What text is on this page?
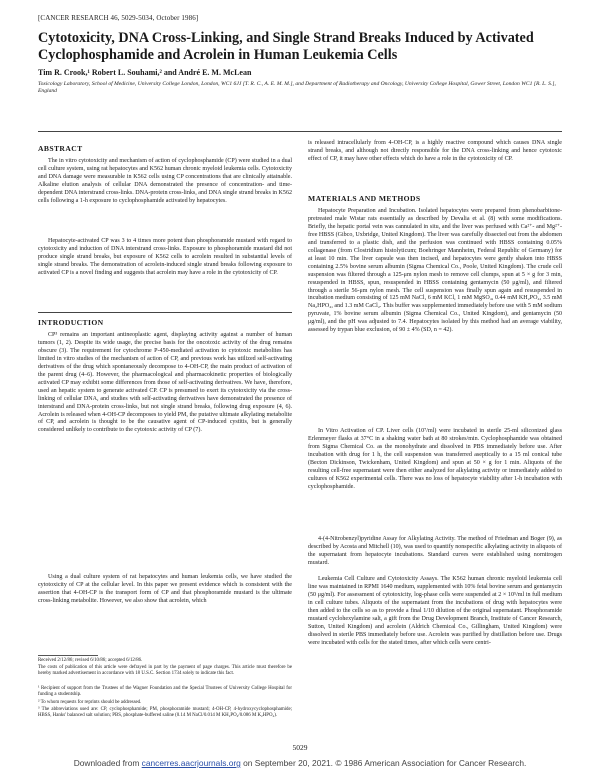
[CANCER RESEARCH 46, 5029-5034, October 1986]
Cytotoxicity, DNA Cross-Linking, and Single Strand Breaks Induced by Activated Cyclophosphamide and Acrolein in Human Leukemia Cells
Tim R. Crook,¹ Robert L. Souhami,² and André E. M. McLean
Toxicology Laboratory, School of Medicine, University College London, London, WC1 6JJ [T. R. C., A. E. M. M.], and Department of Radiotherapy and Oncology, University College Hospital, Gower Street, London WC1 [R. L. S.], England
ABSTRACT

The in vitro cytotoxicity and mechanism of action of cyclophosphamide (CP) were studied in a dual cell culture system, using rat hepatocytes and K562 human chronic myeloid leukemia cells. Cytotoxicity and DNA damage were measurable in K562 cells using CP concentrations that are clinically attainable. Alkaline elution analysis of cellular DNA demonstrated the presence of concentration- and time-dependent DNA interstrand cross-links. DNA-protein cross-links, and DNA single strand breaks in K562 cells following a 1-h exposure to cyclophosphamide activated by hepatocytes.

Hepatocyte-activated CP was 3 to 4 times more potent than phosphoramide mustard with regard to cytotoxicity and induction of DNA interstrand cross-links. Exposure to phosphoramide mustard did not produce single strand breaks, but exposure of K562 cells to acrolein resulted in substantial levels of single strand breaks. The demonstration of acrolein-induced single strand breaks following exposure to activated CP is a novel finding and suggests that acrolein may have a role in the cytotoxicity of CP.

INTRODUCTION

CP³ remains an important antineoplastic agent, displaying activity against a number of human tumors (1, 2). Despite its wide usage, the precise basis for the oncotoxic activity of the drug remains obscure (3). The requirement for cytochrome P-450-mediated activation to cytotoxic metabolites has limited in vitro studies of the mechanism of action of CP, and previous work has utilized self-activating derivatives of the drug which spontaneously decompose to 4-OH-CP, the main product of activation of the parent drug (4–6). However, the pharmacological and pharmacokinetic properties of biologically activated CP may exhibit some differences from those of self-activating derivatives. We have, therefore, used an hepatic system to generate activated CP. CP is presumed to exert its cytotoxicity via the cross-linking of cellular DNA, and studies with self-activating derivatives have demonstrated the presence of interstrand and DNA-protein cross-links, but not single strand breaks, following drug exposure (4, 6). Acrolein is released when 4-OH-CP decomposes to yield PM, the putative ultimate alkylating metabolite of CP, and acrolein is thought to be the causative agent of CP-induced cystitis, but is generally considered unlikely to contribute to the cytotoxic activity of CP (7).

Using a dual culture system of rat hepatocytes and human leukemia cells, we have studied the cytotoxicity of CP at the cellular level. In this paper we present evidence which is consistent with the assertion that 4-OH-CP is the transport form of CP and that phosphoramide mustard is the ultimate cross-linking metabolite. However, we also show that acrolein, which

Received 2/12/86; revised 6/10/86; accepted 6/12/86.

The costs of publication of this article were defrayed in part by the payment of page charges. This article must therefore be hereby marked advertisement in accordance with 18 U.S.C. Section 1734 solely to indicate this fact.

¹ Recipient of support from the Trustees of the Wagner Foundation and the Special Trustees of University College Hospital for funding a studentship.

² To whom requests for reprints should be addressed.

³ The abbreviations used are: CP, cyclophosphamide; PM, phosphoramide mustard; 4-OH-CP, 4-hydroxycyclophosphamide; HBSS, Hanks' balanced salt solution; PBS, phosphate-buffered saline (0.14 M NaCl/0.014 M KH₂PO₄/0.086 M K₂HPO₄).

is released intracellularly from 4-OH-CP, is a highly reactive compound which causes DNA single strand breaks, and although not directly responsible for the DNA cross-linking and hence cytotoxic effect of CP, it may have other effects which do have a role in the cytotoxicity of CP.

MATERIALS AND METHODS

Hepatocyte Preparation and Incubation. Isolated hepatocytes were prepared from phenobarbitone-pretreated male Wistar rats essentially as described by Devalia et al. (8) with some modifications. Briefly, the hepatic portal vein was cannulated in situ, and the liver was perfused with Ca²⁺- and Mg²⁺-free HBSS (Gibco, Uxbridge, United Kingdom). The liver was carefully dissected out from the abdomen and transferred to a plastic dish, and the perfusion was continued with HBSS containing 0.05% collagenase (from Clostridium histolyticum; Boehringer Mannheim, Federal Republic of Germany) for at least 10 min. The liver capsule was then incised, and hepatocytes were gently shaken into HBSS containing 2.5% bovine serum albumin (Sigma Chemical Co., Poole, United Kingdom). The crude cell suspension was filtered through a 125-μm nylon mesh to remove cell clumps, spun at 5 × g for 3 min, resuspended in HBSS, spun, resuspended in HBSS containing gentamycin (50 μg/ml), and filtered through a sterile 56-μm nylon mesh. The cell suspension was finally spun again and resuspended in incubation medium consisting of 125 mM NaCl, 6 mM KCl, 1 mM MgSO₄, 0.44 mM KH₂PO₄, 3.5 mM Na₂HPO₄, and 1.3 mM CaCl₂. This buffer was supplemented immediately before use with 5 mM sodium pyruvate, 1% bovine serum albumin (Sigma Chemical Co., United Kingdom), and gentamycin (50 μg/ml), and the pH was adjusted to 7.4. Hepatocytes isolated by this method had an average viability, assessed by trypan blue exclusion, of 90 ± 4% (SD, n = 42).

In Vitro Activation of CP. Liver cells (10⁷/ml) were incubated in sterile 25-ml siliconized glass Erlenmeyer flasks at 37°C in a shaking water bath at 80 strokes/min. Cyclophosphamide was obtained from Sigma Chemical Co. as the monohydrate and dissolved in PBS immediately before use. After incubation with drug for 1 h, the cell suspension was transferred aseptically to a 15 ml conical tube (Becton Dickinson, Twickenham, United Kingdom) and spun at 50 × g for 1 min. Aliquots of the resulting cell-free supernatant were then either analyzed for alkylating activity or immediately added to cultures of K562 experimental cells. There was no loss of hepatocyte viability after 1-h incubation with cyclophosphamide.

4-(4-Nitrobenzyl)pyridine Assay for Alkylating Activity. The method of Friedman and Boger (9), as described by Acosta and Mitchell (10), was used to quantify nonspecific alkylating activity in aliquots of the supernatant from hepatocyte incubations. Standard curves were established using nornitrogen mustard.

Leukemia Cell Culture and Cytotoxicity Assays. The K562 human chronic myeloid leukemia cell line was maintained in RPMI 1640 medium, supplemented with 10% fetal bovine serum and gentamycin (50 μg/ml). For assessment of cytotoxicity, log-phase cells were suspended at 2 × 10⁵/ml in full medium in cell culture tubes. Aliquots of the supernatant from the incubations of drug with hepatocytes were then added to the cells so as to provide a final 1/10 dilution of the original supernatant. Phosphoramide mustard cyclohexylamine salt, a gift from the Drug Development Branch, Institute of Cancer Research, Sutton, United Kingdom) and acrolein (Aldrich Chemical Co., Gillingham, United Kingdom) were dissolved in sterile PBS immediately before use. Acrolein was purified by distillation before use. Drugs were incubated with cells for the stated times, after which cells were centri-

5029
Downloaded from cancerres.aacrjournals.org on September 20, 2021. © 1986 American Association for Cancer Research.
